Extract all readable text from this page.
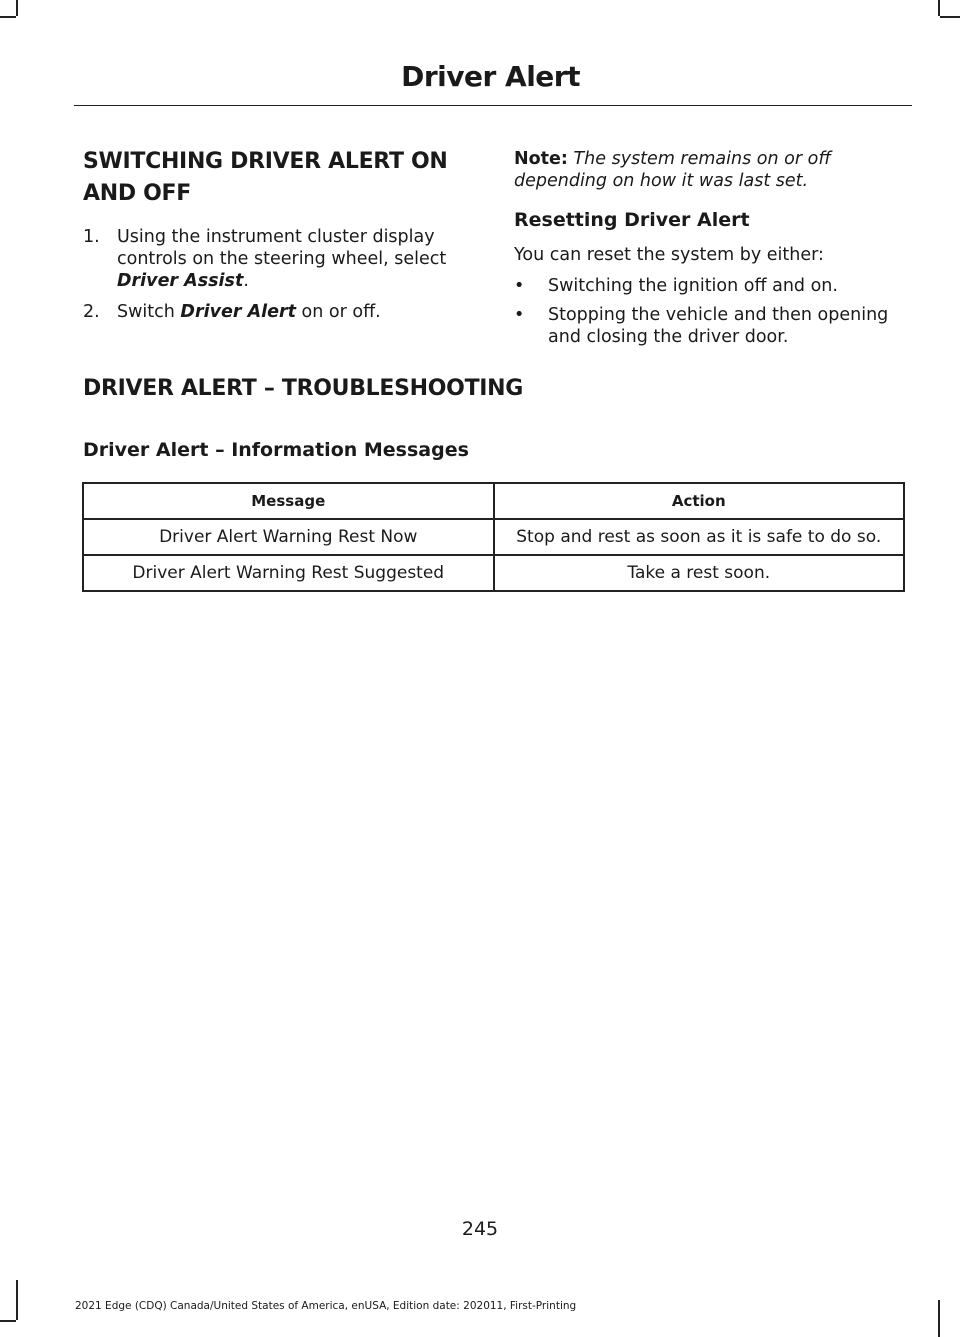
Driver Alert
SWITCHING DRIVER ALERT ON
AND OFF
1. Using the instrument cluster display controls on the steering wheel, select Driver Assist.
2. Switch Driver Alert on or off.

Note: The system remains on or off depending on how it was last set.

Resetting Driver Alert

You can reset the system by either:

• Switching the ignition off and on.
• Stopping the vehicle and then opening and closing the driver door.
DRIVER ALERT – TROUBLESHOOTING
Driver Alert – Information Messages
Message	Action
Driver Alert Warning Rest Now	Stop and rest as soon as it is safe to do so.
Driver Alert Warning Rest Suggested	Take a rest soon.
245
2021 Edge (CDQ) Canada/United States of America, enUSA, Edition date: 202011, First-Printing
